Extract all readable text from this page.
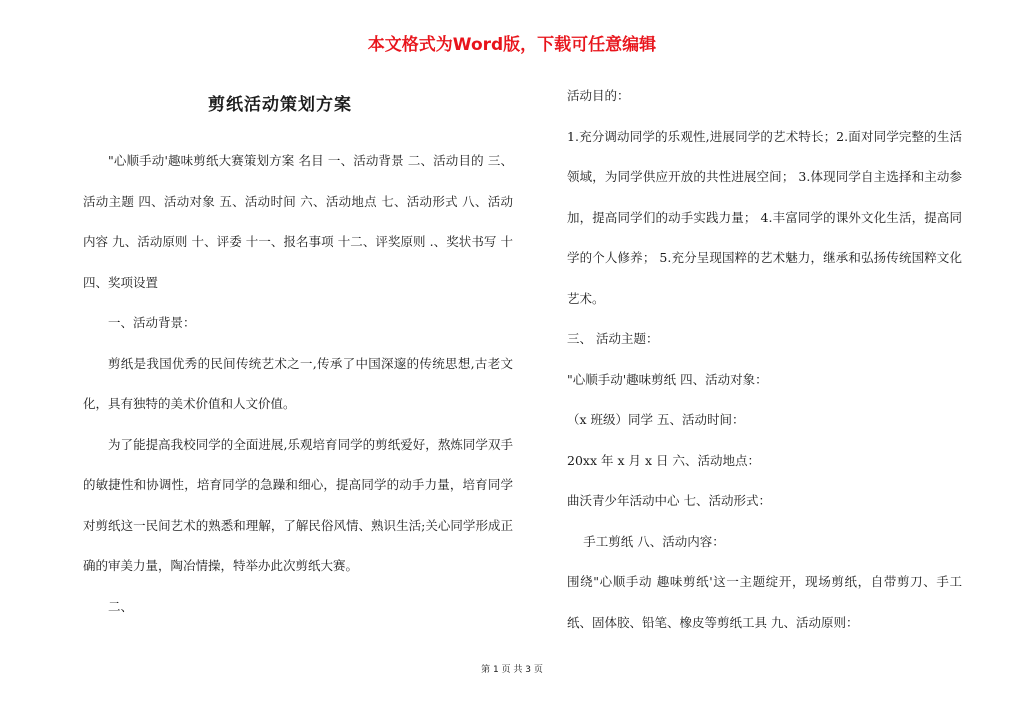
本文格式为Word版，下载可任意编辑
剪纸活动策划方案

"心顺手动'趣味剪纸大赛策划方案 名目 一、活动背景 二、活动目的 三、活动主题 四、活动对象 五、活动时间 六、活动地点 七、活动形式 八、活动内容 九、活动原则 十、评委 十一、报名事项 十二、评奖原则 .、奖状书写 十四、奖项设置

一、活动背景：

剪纸是我国优秀的民间传统艺术之一,传承了中国深邃的传统思想,古老文化，具有独特的美术价值和人文价值。

为了能提高我校同学的全面进展,乐观培育同学的剪纸爱好，熬炼同学双手的敏捷性和协调性，培育同学的急躁和细心，提高同学的动手力量，培育同学对剪纸这一民间艺术的熟悉和理解，了解民俗风情、熟识生活;关心同学形成正确的审美力量，陶冶情操，特举办此次剪纸大赛。

二、

活动目的：

1.充分调动同学的乐观性,进展同学的艺术特长；2.面对同学完整的生活领域，为同学供应开放的共性进展空间； 3.体现同学自主选择和主动参加，提高同学们的动手实践力量； 4.丰富同学的课外文化生活，提高同学的个人修养； 5.充分呈现国粹的艺术魅力，继承和弘扬传统国粹文化艺术。

三、 活动主题：

"心顺手动'趣味剪纸 四、活动对象：

（x 班级）同学 五、活动时间：

20xx 年 x 月 x 日 六、活动地点：

曲沃青少年活动中心 七、活动形式：

手工剪纸 八、活动内容：

围绕"心顺手动 趣味剪纸'这一主题绽开，现场剪纸，自带剪刀、手工纸、固体胶、铅笔、橡皮等剪纸工具 九、活动原则：

第 1 页 共 3 页
